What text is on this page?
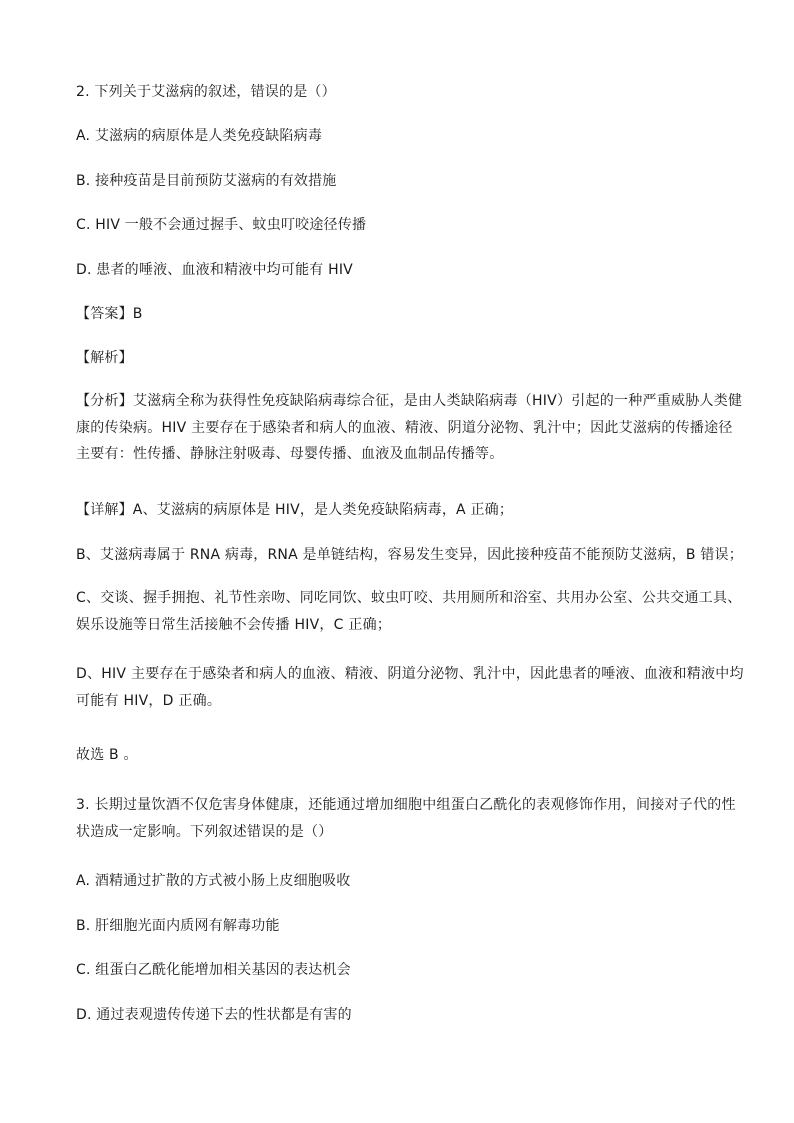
2. 下列关于艾滋病的叙述，错误的是（）
A. 艾滋病的病原体是人类免疫缺陷病毒
B. 接种疫苗是目前预防艾滋病的有效措施
C. HIV 一般不会通过握手、蚊虫叮咬途径传播
D. 患者的唾液、血液和精液中均可能有 HIV
【答案】B
【解析】
【分析】艾滋病全称为获得性免疫缺陷病毒综合征，是由人类缺陷病毒（HIV）引起的一种严重威胁人类健
康的传染病。HIV 主要存在于感染者和病人的血液、精液、阴道分泌物、乳汁中；因此艾滋病的传播途径
主要有：性传播、静脉注射吸毒、母婴传播、血液及血制品传播等。
【详解】A、艾滋病的病原体是 HIV，是人类免疫缺陷病毒，A 正确；
B、艾滋病毒属于 RNA 病毒，RNA 是单链结构，容易发生变异，因此接种疫苗不能预防艾滋病，B 错误；
C、交谈、握手拥抱、礼节性亲吻、同吃同饮、蚊虫叮咬、共用厕所和浴室、共用办公室、公共交通工具、
娱乐设施等日常生活接触不会传播 HIV，C 正确；
D、HIV 主要存在于感染者和病人的血液、精液、阴道分泌物、乳汁中，因此患者的唾液、血液和精液中均
可能有 HIV，D 正确。
故选 B 。
3. 长期过量饮酒不仅危害身体健康，还能通过增加细胞中组蛋白乙酰化的表观修饰作用，间接对子代的性
状造成一定影响。下列叙述错误的是（）
A. 酒精通过扩散的方式被小肠上皮细胞吸收
B. 肝细胞光面内质网有解毒功能
C. 组蛋白乙酰化能增加相关基因的表达机会
D. 通过表观遗传传递下去的性状都是有害的
